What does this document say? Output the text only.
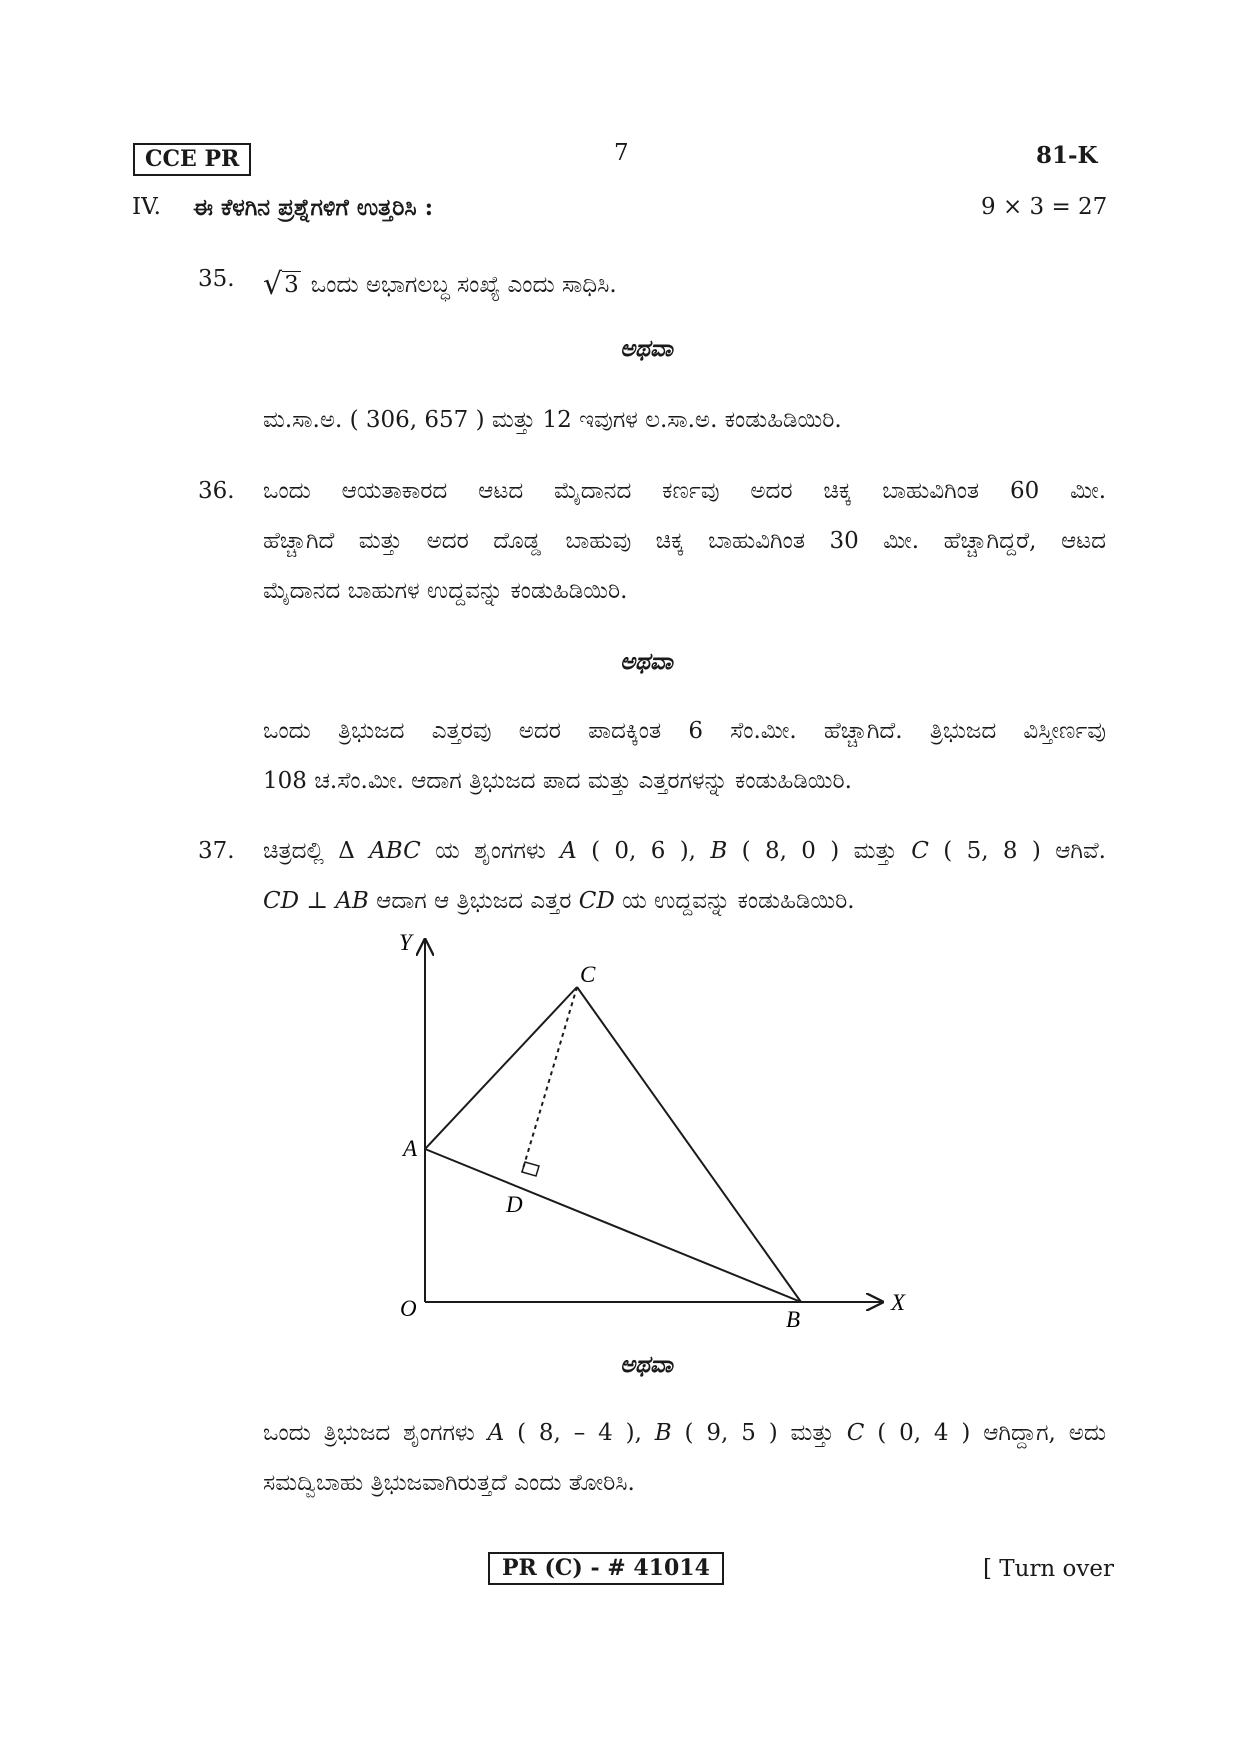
CCE PR	7	81-K
IV. ಈ ಕೆಳಗಿನ ಪ್ರಶ್ನೆಗಳಿಗೆ ಉತ್ತರಿಸಿ :	9 × 3 = 27
35. √3 ಒಂದು ಅಭಾಗಲಬ್ಧ ಸಂಖ್ಯೆ ಎಂದು ಸಾಧಿಸಿ.
ಅಥವಾ
ಮ.ಸಾ.ಅ. ( 306, 657 ) ಮತ್ತು 12 ಇವುಗಳ ಲ.ಸಾ.ಅ. ಕಂಡುಹಿಡಿಯಿರಿ.
36. ಒಂದು ಆಯತಾಕಾರದ ಆಟದ ಮೈದಾನದ ಕರ್ಣವು ಅದರ ಚಿಕ್ಕ ಬಾಹುವಿಗಿಂತ 60 ಮೀ.
ಹೆಚ್ಚಾಗಿದೆ ಮತ್ತು ಅದರ ದೊಡ್ಡ ಬಾಹುವು ಚಿಕ್ಕ ಬಾಹುವಿಗಿಂತ 30 ಮೀ. ಹೆಚ್ಚಾಗಿದ್ದರೆ, ಆಟದ
ಮೈದಾನದ ಬಾಹುಗಳ ಉದ್ದವನ್ನು ಕಂಡುಹಿಡಿಯಿರಿ.
ಅಥವಾ
ಒಂದು ತ್ರಿಭುಜದ ಎತ್ತರವು ಅದರ ಪಾದಕ್ಕಿಂತ 6 ಸೆಂ.ಮೀ. ಹೆಚ್ಚಾಗಿದೆ. ತ್ರಿಭುಜದ ವಿಸ್ತೀರ್ಣವು
108 ಚ.ಸೆಂ.ಮೀ. ಆದಾಗ ತ್ರಿಭುಜದ ಪಾದ ಮತ್ತು ಎತ್ತರಗಳನ್ನು ಕಂಡುಹಿಡಿಯಿರಿ.
37. ಚಿತ್ರದಲ್ಲಿ Δ ABC ಯ ಶೃಂಗಗಳು A ( 0, 6 ), B ( 8, 0 ) ಮತ್ತು C ( 5, 8 ) ಆಗಿವೆ.
CD ⊥ AB ಆದಾಗ ಆ ತ್ರಿಭುಜದ ಎತ್ತರ CD ಯ ಉದ್ದವನ್ನು ಕಂಡುಹಿಡಿಯಿರಿ.
Y
X
O
A
B
C
D
ಅಥವಾ
ಒಂದು ತ್ರಿಭುಜದ ಶೃಂಗಗಳು A ( 8, – 4 ), B ( 9, 5 ) ಮತ್ತು C ( 0, 4 ) ಆಗಿದ್ದಾಗ, ಅದು
ಸಮದ್ವಿಬಾಹು ತ್ರಿಭುಜವಾಗಿರುತ್ತದೆ ಎಂದು ತೋರಿಸಿ.
PR (C) - # 41014	[ Turn over
